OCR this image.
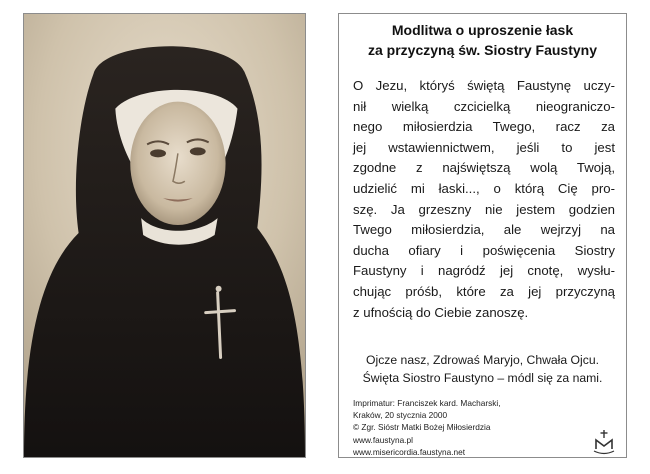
Modlitwa o uproszenie łask
za przyczyną św. Siostry Faustyny
O Jezu, któryś świętą Faustynę uczy-
nił wielką czcicielką nieograniczo-
nego miłosierdzia Twego, racz za
jej wstawiennictwem, jeśli to jest
zgodne z najświętszą wolą Twoją,
udzielić mi łaski..., o którą Cię pro-
szę. Ja grzeszny nie jestem godzien
Twego miłosierdzia, ale wejrzyj na
ducha ofiary i poświęcenia Siostry
Faustyny i nagródź jej cnotę, wysłu-
chując próśb, które za jej przyczyną
z ufnością do Ciebie zanoszę.
Ojcze nasz, Zdrowaś Maryjo, Chwała Ojcu.
Święta Siostro Faustyno – módl się za nami.
Imprimatur: Franciszek kard. Macharski,
Kraków, 20 stycznia 2000
© Zgr. Sióstr Matki Bożej Miłosierdzia
www.faustyna.pl
www.misericordia.faustyna.net
